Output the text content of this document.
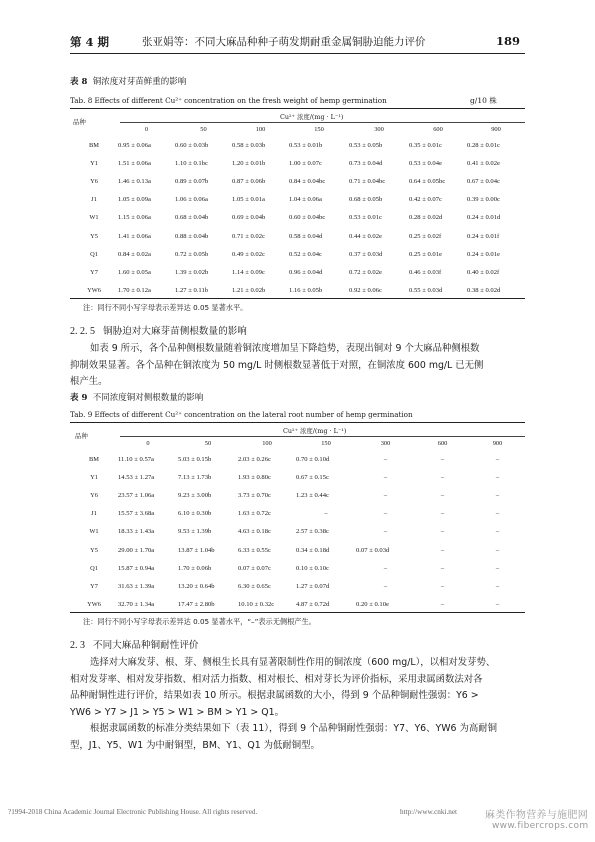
第 4 期	张亚娟等：不同大麻品种种子萌发期耐重金属铜胁迫能力评价	189
表 8 铜浓度对芽苗鲜重的影响
Tab. 8 Effects of different Cu²⁺ concentration on the fresh weight of hemp germination	g/10 株
品种
Cu²⁺ 浓度/(mg · L⁻¹)
	0	50	100	150	300	600	900
BM	0.95 ± 0.06a	0.60 ± 0.03b	0.58 ± 0.03b	0.53 ± 0.01b	0.53 ± 0.05b	0.35 ± 0.01c	0.28 ± 0.01c
Y1	1.51 ± 0.06a	1.10 ± 0.1bc	1.20 ± 0.01b	1.00 ± 0.07c	0.73 ± 0.04d	0.53 ± 0.04e	0.41 ± 0.02e
Y6	1.46 ± 0.13a	0.89 ± 0.07b	0.87 ± 0.06b	0.84 ± 0.04bc	0.71 ± 0.04bc	0.64 ± 0.05bc	0.67 ± 0.04c
J1	1.05 ± 0.09a	1.06 ± 0.06a	1.05 ± 0.01a	1.04 ± 0.06a	0.68 ± 0.05b	0.42 ± 0.07c	0.39 ± 0.00c
W1	1.15 ± 0.06a	0.68 ± 0.04b	0.69 ± 0.04b	0.60 ± 0.04bc	0.53 ± 0.01c	0.28 ± 0.02d	0.24 ± 0.01d
Y5	1.41 ± 0.06a	0.88 ± 0.04b	0.71 ± 0.02c	0.58 ± 0.04d	0.44 ± 0.02e	0.25 ± 0.02f	0.24 ± 0.01f
Q1	0.84 ± 0.02a	0.72 ± 0.05b	0.49 ± 0.02c	0.52 ± 0.04c	0.37 ± 0.03d	0.25 ± 0.01e	0.24 ± 0.01e
Y7	1.60 ± 0.05a	1.39 ± 0.02b	1.14 ± 0.09c	0.96 ± 0.04d	0.72 ± 0.02e	0.46 ± 0.03f	0.40 ± 0.02f
YW6	1.70 ± 0.12a	1.27 ± 0.11b	1.21 ± 0.02b	1.16 ± 0.05b	0.92 ± 0.06c	0.55 ± 0.03d	0.38 ± 0.02d
注：同行不同小写字母表示差异达 0.05 显著水平。
2. 2. 5 铜胁迫对大麻芽苗侧根数量的影响
如表 9 所示，各个品种侧根数量随着铜浓度增加呈下降趋势，表现出铜对 9 个大麻品种侧根数
抑制效果显著。各个品种在铜浓度为 50 mg/L 时侧根数显著低于对照，在铜浓度 600 mg/L 已无侧
根产生。
表 9 不同浓度铜对侧根数量的影响
Tab. 9 Effects of different Cu²⁺ concentration on the lateral root number of hemp germination
品种
Cu²⁺ 浓度/(mg · L⁻¹)
	0	50	100	150	300	600	900
BM	11.10 ± 0.57a	5.03 ± 0.15b	2.03 ± 0.26c	0.70 ± 0.10d	–	–	–
Y1	14.53 ± 1.27a	7.13 ± 1.73b	1.93 ± 0.80c	0.67 ± 0.15c	–	–	–
Y6	23.57 ± 1.06a	9.23 ± 3.00b	3.73 ± 0.70c	1.23 ± 0.44c	–	–	–
J1	15.57 ± 3.68a	6.10 ± 0.30b	1.63 ± 0.72c	–	–	–	–
W1	18.33 ± 1.43a	9.53 ± 1.39b	4.63 ± 0.18c	2.57 ± 0.38c	–	–	–
Y5	29.00 ± 1.70a	13.87 ± 1.04b	6.33 ± 0.55c	0.34 ± 0.18d	0.07 ± 0.03d	–	–
Q1	15.87 ± 0.94a	1.70 ± 0.06b	0.07 ± 0.07c	0.10 ± 0.10c	–	–	–
Y7	31.63 ± 1.39a	13.20 ± 0.64b	6.30 ± 0.65c	1.27 ± 0.07d	–	–	–
YW6	32.70 ± 1.34a	17.47 ± 2.80b	10.10 ± 0.32c	4.87 ± 0.72d	0.20 ± 0.10e	–	–
注：同行不同小写字母表示差异达 0.05 显著水平，“–”表示无侧根产生。
2. 3 不同大麻品种铜耐性评价
选择对大麻发芽、根、芽、侧根生长具有显著限制性作用的铜浓度（600 mg/L），以相对发芽势、
相对发芽率、相对发芽指数、相对活力指数、相对根长、相对芽长为评价指标，采用隶属函数法对各
品种耐铜性进行评价，结果如表 10 所示。根据隶属函数的大小，得到 9 个品种铜耐性强弱：Y6 >
YW6 > Y7 > J1 > Y5 > W1 > BM > Y1 > Q1。
根据隶属函数的标准分类结果如下（表 11），得到 9 个品种铜耐性强弱：Y7、Y6、YW6 为高耐铜
型，J1、Y5、W1 为中耐铜型，BM、Y1、Q1 为低耐铜型。
?1994-2018 China Academic Journal Electronic Publishing House. All rights reserved.	http://www.cnki.net	麻类作物营养与施肥网
www.fibercrops.com
